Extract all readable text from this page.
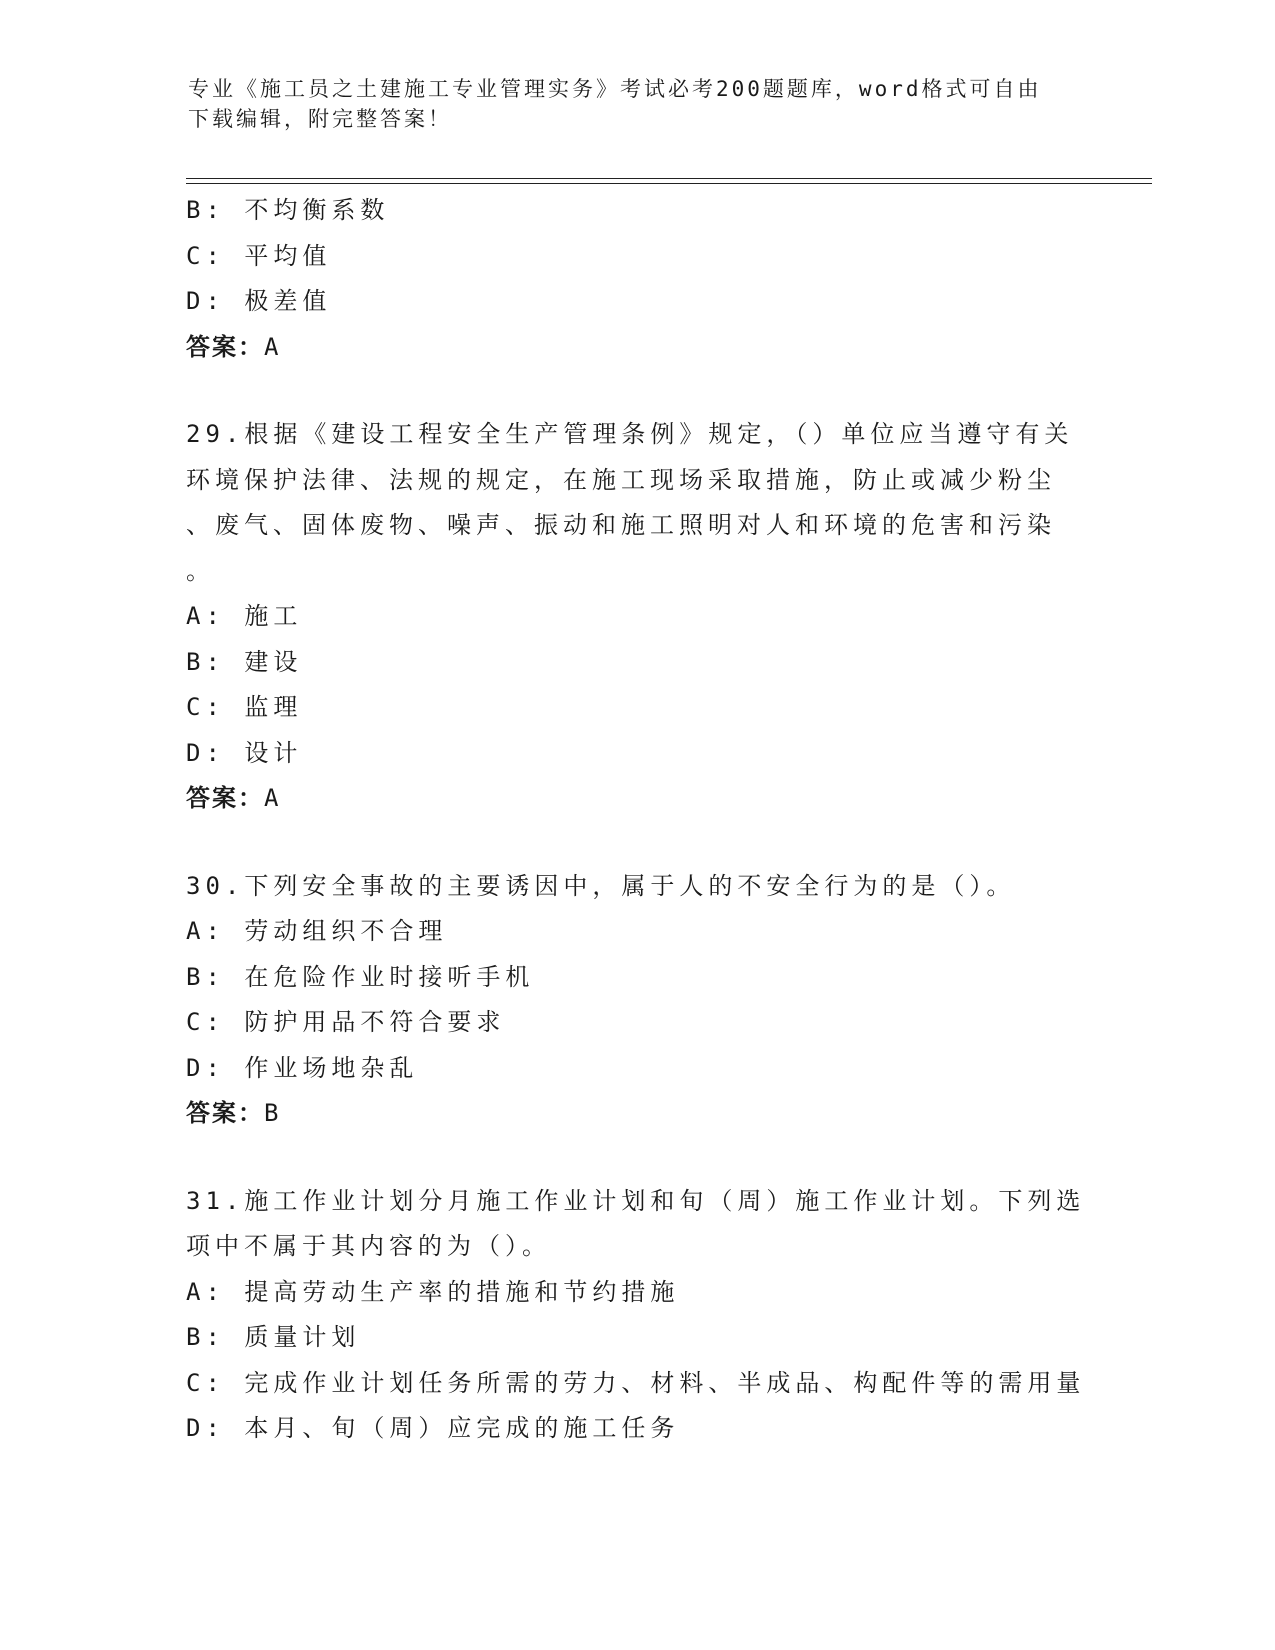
专业《施工员之土建施工专业管理实务》考试必考200题题库，word格式可自由
下载编辑，附完整答案！
B: 不均衡系数
C: 平均值
D: 极差值
答案：A
29.根据《建设工程安全生产管理条例》规定，（）单位应当遵守有关
环境保护法律、法规的规定，在施工现场采取措施，防止或减少粉尘
、废气、固体废物、噪声、振动和施工照明对人和环境的危害和污染
。
A: 施工
B: 建设
C: 监理
D: 设计
答案：A
30.下列安全事故的主要诱因中，属于人的不安全行为的是（）。
A: 劳动组织不合理
B: 在危险作业时接听手机
C: 防护用品不符合要求
D: 作业场地杂乱
答案：B
31.施工作业计划分月施工作业计划和旬（周）施工作业计划。下列选
项中不属于其内容的为（）。
A: 提高劳动生产率的措施和节约措施
B: 质量计划
C: 完成作业计划任务所需的劳力、材料、半成品、构配件等的需用量
D: 本月、旬（周）应完成的施工任务
